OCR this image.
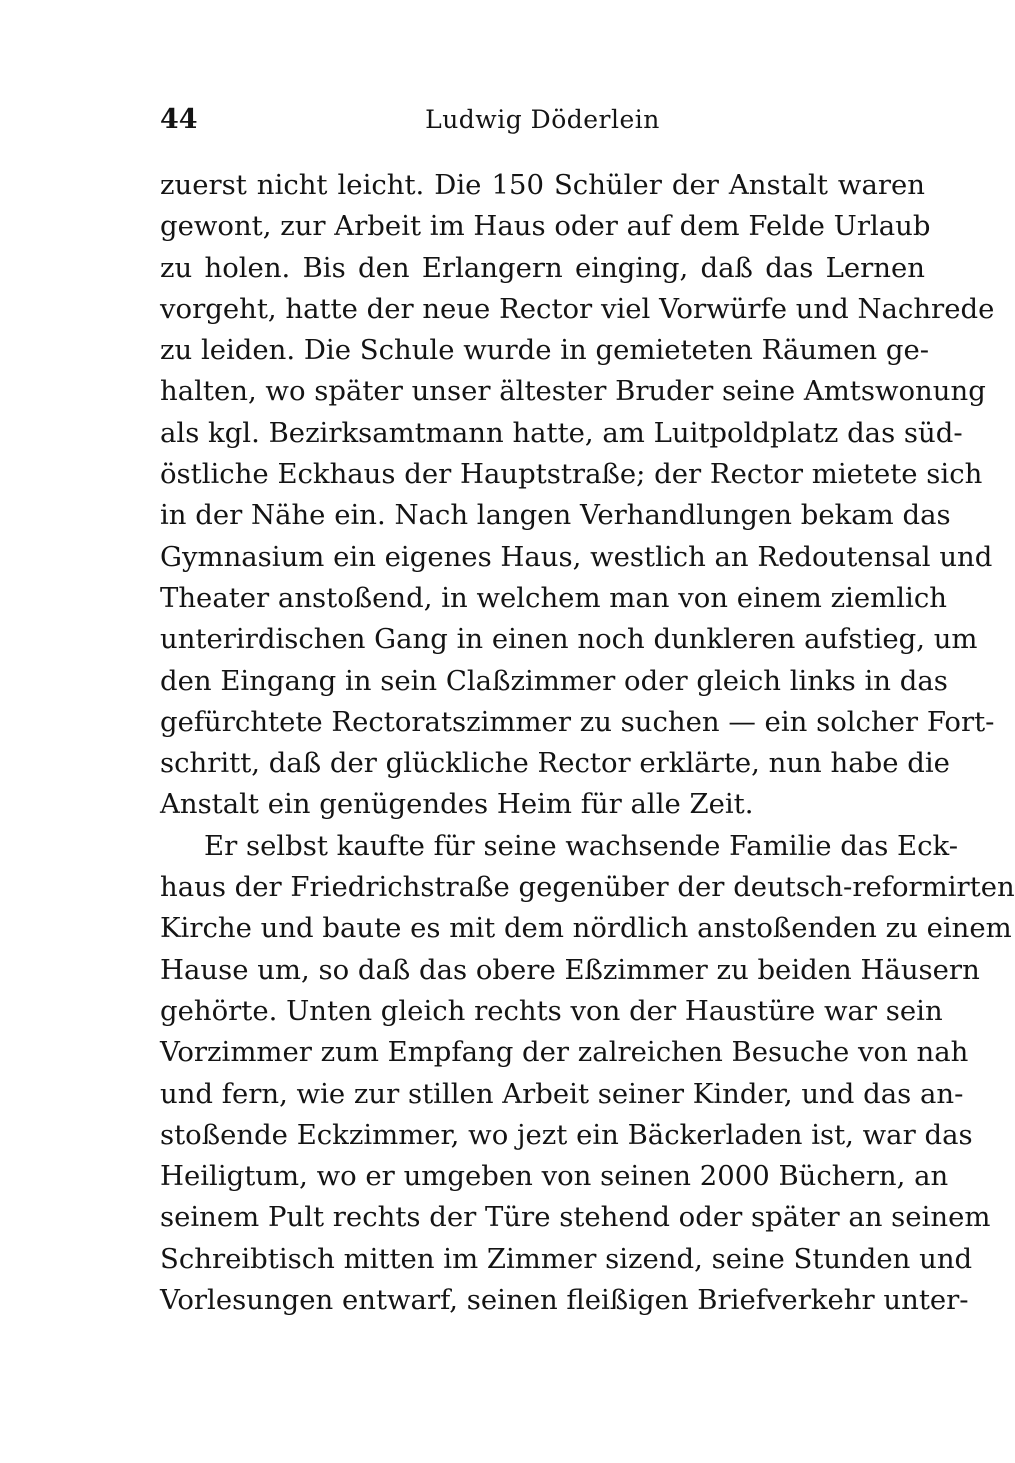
44	Ludwig Döderlein

zuerst nicht leicht. Die 150 Schüler der Anstalt waren
gewont, zur Arbeit im Haus oder auf dem Felde Urlaub
zu holen. Bis den Erlangern einging, daß das Lernen
vorgeht, hatte der neue Rector viel Vorwürfe und Nachrede
zu leiden. Die Schule wurde in gemieteten Räumen ge-
halten, wo später unser ältester Bruder seine Amtswonung
als kgl. Bezirksamtmann hatte, am Luitpoldplatz das süd-
östliche Eckhaus der Hauptstraße; der Rector mietete sich
in der Nähe ein. Nach langen Verhandlungen bekam das
Gymnasium ein eigenes Haus, westlich an Redoutensal und
Theater anstoßend, in welchem man von einem ziemlich
unterirdischen Gang in einen noch dunkleren aufstieg, um
den Eingang in sein Claßzimmer oder gleich links in das
gefürchtete Rectoratszimmer zu suchen — ein solcher Fort-
schritt, daß der glückliche Rector erklärte, nun habe die
Anstalt ein genügendes Heim für alle Zeit.

Er selbst kaufte für seine wachsende Familie das Eck-
haus der Friedrichstraße gegenüber der deutsch-reformirten
Kirche und baute es mit dem nördlich anstoßenden zu einem
Hause um, so daß das obere Eßzimmer zu beiden Häusern
gehörte. Unten gleich rechts von der Haustüre war sein
Vorzimmer zum Empfang der zalreichen Besuche von nah
und fern, wie zur stillen Arbeit seiner Kinder, und das an-
stoßende Eckzimmer, wo jezt ein Bäckerladen ist, war das
Heiligtum, wo er umgeben von seinen 2000 Büchern, an
seinem Pult rechts der Türe stehend oder später an seinem
Schreibtisch mitten im Zimmer sizend, seine Stunden und
Vorlesungen entwarf, seinen fleißigen Briefverkehr unter-
